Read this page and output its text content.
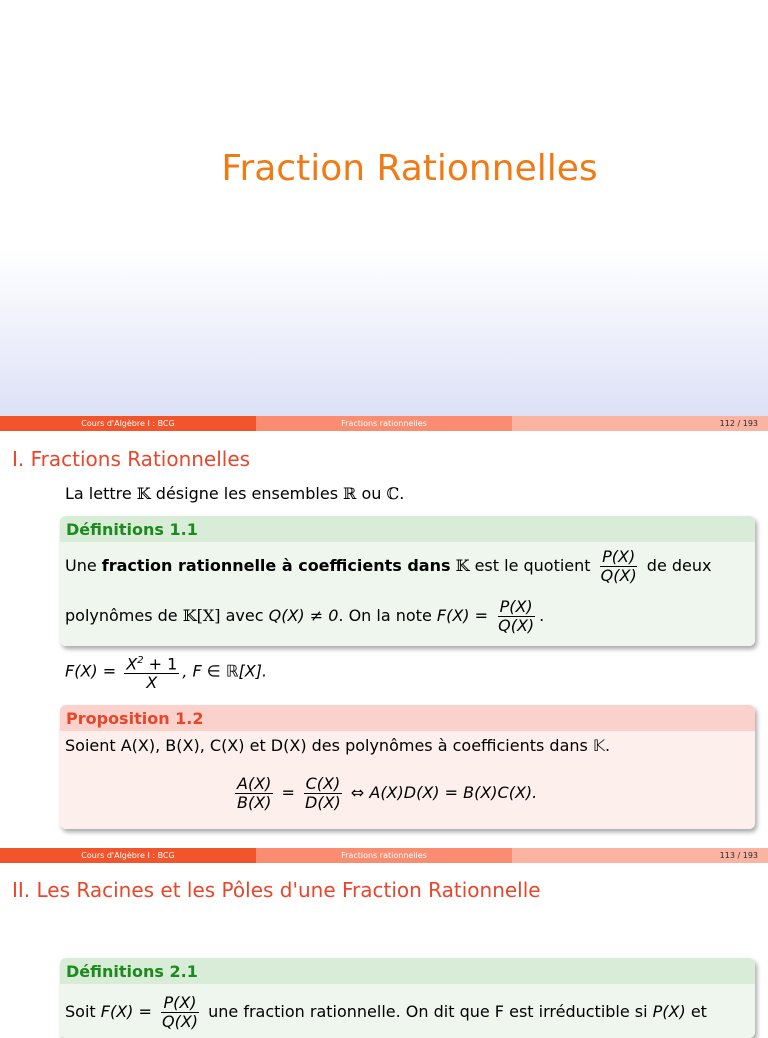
Fraction Rationnelles
Cours d'Algèbre I : BCG	Fractions rationnelles	112 / 193
I. Fractions Rationnelles
La lettre 𝕂 désigne les ensembles ℝ ou ℂ.
Définitions 1.1
Une fraction rationnelle à coefficients dans 𝕂 est le quotient $\frac{P(X)}{Q(X)}$ de deux
polynômes de 𝕂[X] avec Q(X) ≠ 0. On la note $F(X) = \frac{P(X)}{Q(X)}$ .
$F(X) = \frac{X^2 + 1}{X}$ , F ∈ ℝ[X].
Proposition 1.2
Soient A(X), B(X), C(X) et D(X) des polynômes à coefficients dans 𝕂.
$\frac{A(X)}{B(X)} = \frac{C(X)}{D(X)}$ ⇔ A(X)D(X) = B(X)C(X).
Cours d'Algèbre I : BCG	Fractions rationnelles	113 / 193
II. Les Racines et les Pôles d'une Fraction Rationnelle
Définitions 2.1
Soit $F(X) = \frac{P(X)}{Q(X)}$ une fraction rationnelle. On dit que F est irréductible si P(X) et
